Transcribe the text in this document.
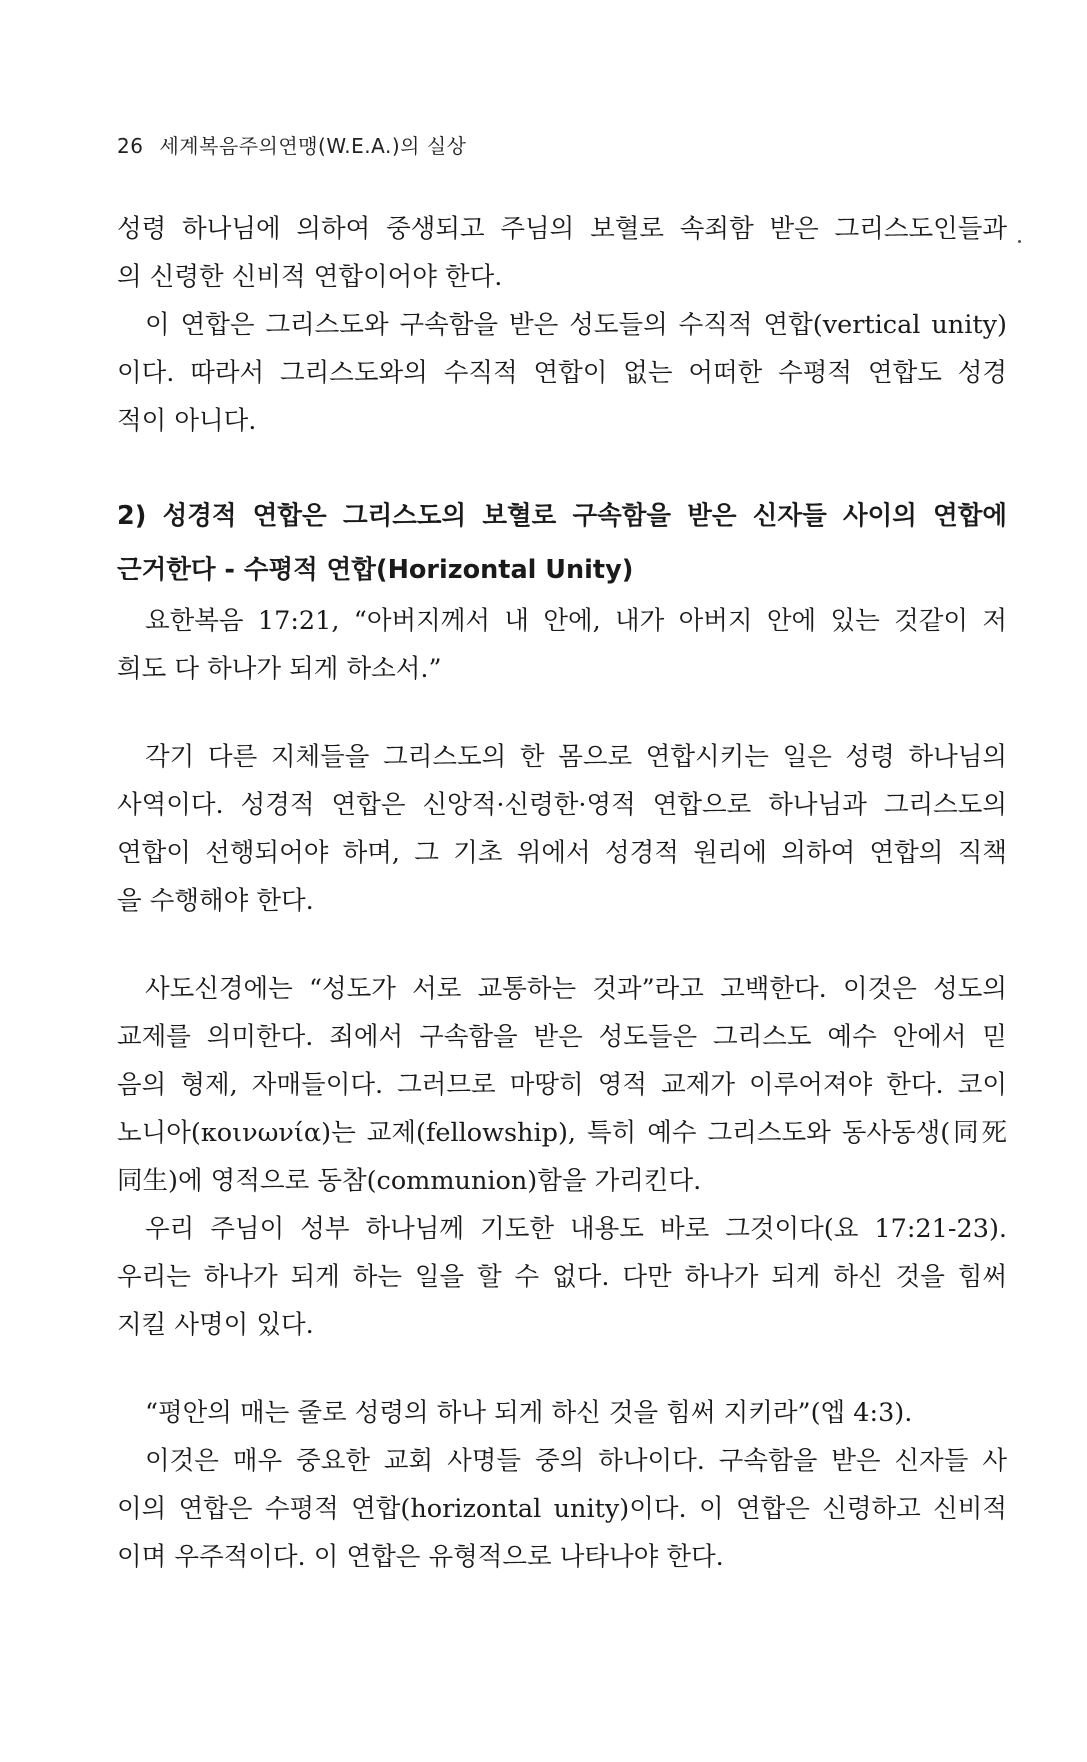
26 세계복음주의연맹(W.E.A.)의 실상
성령 하나님에 의하여 중생되고 주님의 보혈로 속죄함 받은 그리스도인들과
의 신령한 신비적 연합이어야 한다.
이 연합은 그리스도와 구속함을 받은 성도들의 수직적 연합(vertical unity)
이다. 따라서 그리스도와의 수직적 연합이 없는 어떠한 수평적 연합도 성경
적이 아니다.
2) 성경적 연합은 그리스도의 보혈로 구속함을 받은 신자들 사이의 연합에
근거한다 - 수평적 연합(Horizontal Unity)
요한복음 17:21, “아버지께서 내 안에, 내가 아버지 안에 있는 것같이 저
희도 다 하나가 되게 하소서.”
각기 다른 지체들을 그리스도의 한 몸으로 연합시키는 일은 성령 하나님의
사역이다. 성경적 연합은 신앙적·신령한·영적 연합으로 하나님과 그리스도의
연합이 선행되어야 하며, 그 기초 위에서 성경적 원리에 의하여 연합의 직책
을 수행해야 한다.
사도신경에는 “성도가 서로 교통하는 것과”라고 고백한다. 이것은 성도의
교제를 의미한다. 죄에서 구속함을 받은 성도들은 그리스도 예수 안에서 믿
음의 형제, 자매들이다. 그러므로 마땅히 영적 교제가 이루어져야 한다. 코이
노니아(κοινωνία)는 교제(fellowship), 특히 예수 그리스도와 동사동생(同死
同生)에 영적으로 동참(communion)함을 가리킨다.
우리 주님이 성부 하나님께 기도한 내용도 바로 그것이다(요 17:21-23).
우리는 하나가 되게 하는 일을 할 수 없다. 다만 하나가 되게 하신 것을 힘써
지킬 사명이 있다.
“평안의 매는 줄로 성령의 하나 되게 하신 것을 힘써 지키라”(엡 4:3).
이것은 매우 중요한 교회 사명들 중의 하나이다. 구속함을 받은 신자들 사
이의 연합은 수평적 연합(horizontal unity)이다. 이 연합은 신령하고 신비적
이며 우주적이다. 이 연합은 유형적으로 나타나야 한다.
